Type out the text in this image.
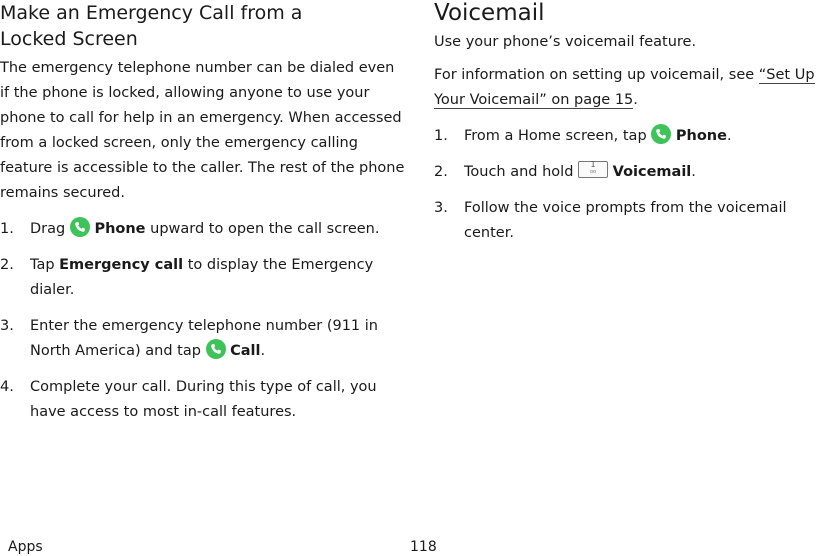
Make an Emergency Call from a
Locked Screen

The emergency telephone number can be dialed even if the phone is locked, allowing anyone to use your phone to call for help in an emergency. When accessed from a locked screen, only the emergency calling feature is accessible to the caller. The rest of the phone remains secured.

1. Drag Phone upward to open the call screen.
2. Tap Emergency call to display the Emergency dialer.
3. Enter the emergency telephone number (911 in North America) and tap Call.
4. Complete your call. During this type of call, you have access to most in-call features.
Voicemail

Use your phone’s voicemail feature.

For information on setting up voicemail, see “Set Up Your Voicemail” on page 15.

1. From a Home screen, tap Phone.
2. Touch and hold	1
oo	Voicemail.
3. Follow the voice prompts from the voicemail center.
Apps	118
